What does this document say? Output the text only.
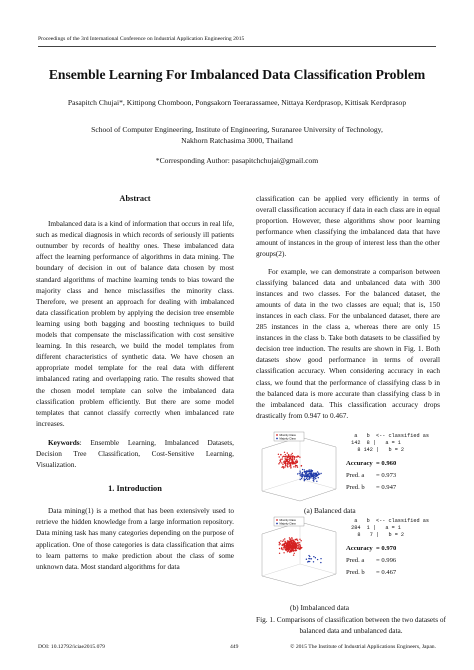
Proceedings of the 3rd International Conference on Industrial Application Engineering 2015
Ensemble Learning For Imbalanced Data Classification Problem
Pasapitch Chujai*, Kittipong Chomboon, Pongsakorn Teerarassamee, Nittaya Kerdprasop, Kittisak Kerdprasop
School of Computer Engineering, Institute of Engineering, Suranaree University of Technology,
Nakhorn Ratchasima 3000, Thailand
*Corresponding Author: pasapitchchujai@gmail.com
Abstract

Imbalanced data is a kind of information that occurs in real life, such as medical diagnosis in which records of seriously ill patients outnumber by records of healthy ones. These imbalanced data affect the learning performance of algorithms in data mining. The boundary of decision in out of balance data chosen by most standard algorithms of machine learning tends to bias toward the majority class and hence misclassifies the minority class. Therefore, we present an approach for dealing with imbalanced data classification problem by applying the decision tree ensemble learning using both bagging and boosting techniques to build models that compensate the misclassification with cost sensitive learning. In this research, we build the model templates from different characteristics of synthetic data. We have chosen an appropriate model template for the real data with different imbalanced rating and overlapping ratio. The results showed that the chosen model template can solve the imbalanced data classification problem efficiently. But there are some model templates that cannot classify correctly when imbalanced rate increases.

Keywords: Ensemble Learning, Imbalanced Datasets, Decision Tree Classification, Cost-Sensitive Learning, Visualization.

1. Introduction

Data mining(1) is a method that has been extensively used to retrieve the hidden knowledge from a large information repository. Data mining task has many categories depending on the purpose of application. One of those categories is data classification that aims to learn patterns to make prediction about the class of some unknown data. Most standard algorithms for data

classification can be applied very efficiently in terms of overall classification accuracy if data in each class are in equal proportion. However, these algorithms show poor learning performance when classifying the imbalanced data that have amount of instances in the group of interest less than the other groups(2).

For example, we can demonstrate a comparison between classifying balanced data and unbalanced data with 300 instances and two classes. For the balanced dataset, the amounts of data in the two classes are equal; that is, 150 instances in each class. For the unbalanced dataset, there are 285 instances in the class a, whereas there are only 15 instances in the class b. Take both datasets to be classified by decision tree induction. The results are shown in Fig. 1. Both datasets show good performance in terms of overall classification accuracy. When considering accuracy in each class, we found that the performance of classifying class b in the balanced data is more accurate than classifying class b in the imbalanced data. This classification accuracy drops drastically from 0.947 to 0.467.

Minority Class
Majority Class	a   b  <-- classified as
142  8 |   a = 1
8 142 |   b = 2
Accuracy = 0.960
Pred. a	= 0.973
Pred. b	= 0.947
(a) Balanced data
Minority Class
Majority Class	a   b  <-- classified as
284  1 |   a = 1
8   7 |   b = 2
Accuracy = 0.970
Pred. a	= 0.996
Pred. b	= 0.467
(b) Imbalanced data
Fig. 1. Comparisons of classification between the two datasets of balanced data and unbalanced data.
DOI: 10.12792/iciae2015.079	449	© 2015 The Institute of Industrial Applications Engineers, Japan.
